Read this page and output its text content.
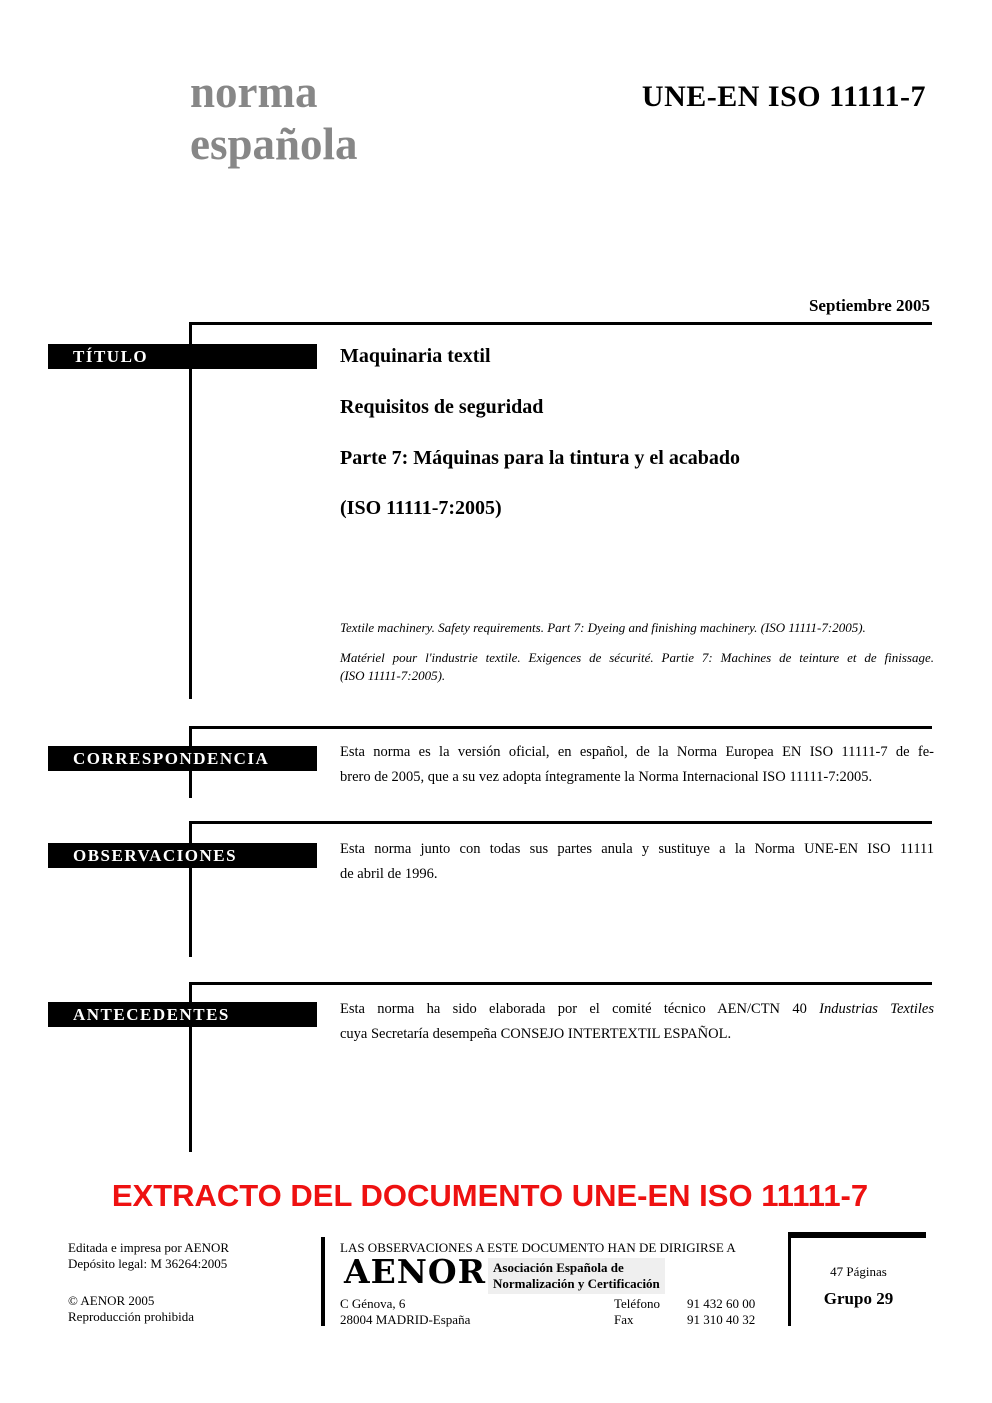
norma
española
UNE-EN ISO 11111-7
Septiembre 2005
TÍTULO
CORRESPONDENCIA
OBSERVACIONES
ANTECEDENTES
Maquinaria textil
Requisitos de seguridad
Parte 7: Máquinas para la tintura y el acabado
(ISO 11111-7:2005)
Textile machinery. Safety requirements. Part 7: Dyeing and finishing machinery. (ISO 11111-7:2005).
Matériel pour l'industrie textile. Exigences de sécurité. Partie 7: Machines de teinture et de finissage.
(ISO 11111-7:2005).
Esta norma es la versión oficial, en español, de la Norma Europea EN ISO 11111-7 de fe-
brero de 2005, que a su vez adopta íntegramente la Norma Internacional ISO 11111-7:2005.
Esta norma junto con todas sus partes anula y sustituye a la Norma UNE-EN ISO 11111
de abril de 1996.
Esta norma ha sido elaborada por el comité técnico AEN/CTN 40 Industrias Textiles
cuya Secretaría desempeña CONSEJO INTERTEXTIL ESPAÑOL.
EXTRACTO DEL DOCUMENTO UNE-EN ISO 11111-7
Editada e impresa por AENOR
Depósito legal: M 36264:2005
© AENOR 2005
Reproducción prohibida
LAS OBSERVACIONES A ESTE DOCUMENTO HAN DE DIRIGIRSE A
AENOR Asociación Española de
Normalización y Certificación
C Génova, 6
28004 MADRID-España
Teléfono
Fax
91 432 60 00
91 310 40 32
47 Páginas
Grupo 29
